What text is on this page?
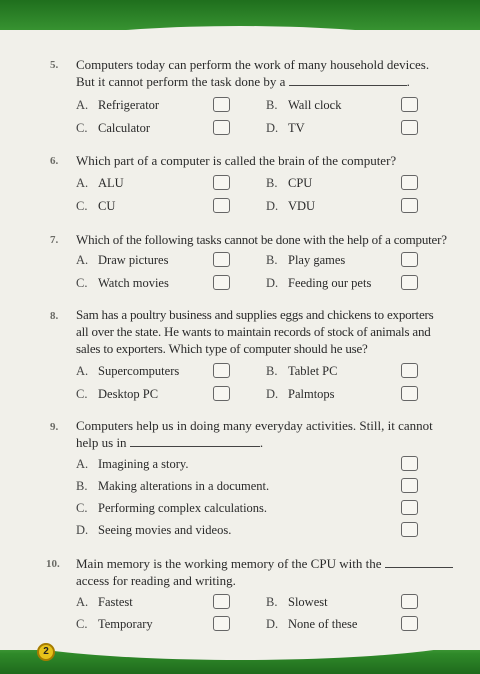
5. Computers today can perform the work of many household devices.
But it cannot perform the task done by a	.
A. Refrigerator	B. Wall clock
C. Calculator	D. TV
6. Which part of a computer is called the brain of the computer?
A. ALU	B. CPU
C. CU	D. VDU
7. Which of the following tasks cannot be done with the help of a computer?
A. Draw pictures	B. Play games
C. Watch movies	D. Feeding our pets
8. Sam has a poultry business and supplies eggs and chickens to exporters
all over the state. He wants to maintain records of stock of animals and
sales to exporters. Which type of computer should he use?
A. Supercomputers	B. Tablet PC
C. Desktop PC	D. Palmtops
9. Computers help us in doing many everyday activities. Still, it cannot
help us in	.
A. Imagining a story.
B. Making alterations in a document.
C. Performing complex calculations.
D. Seeing movies and videos.
10. Main memory is the working memory of the CPU with the
access for reading and writing.
A. Fastest	B. Slowest
C. Temporary	D. None of these
2
